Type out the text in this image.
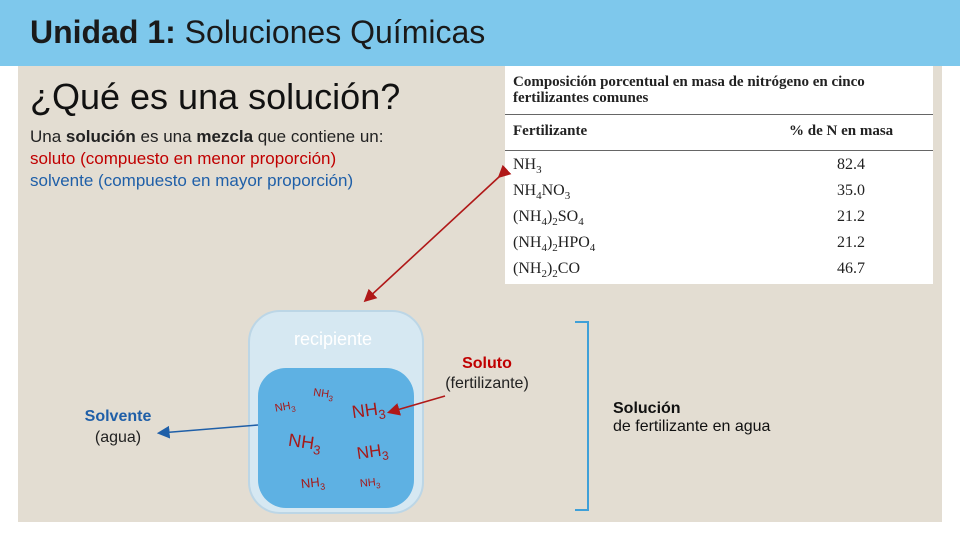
Unidad 1: Soluciones Químicas
¿Qué es una solución?
Una solución es una mezcla que contiene un:
soluto (compuesto en menor proporción)
solvente (compuesto en mayor proporción)
Composición porcentual en masa de nitrógeno en cinco fertilizantes comunes
Fertilizante	% de N en masa
$NH_3$	82.4
$NH_4NO_3$	35.0
$(NH_4)_2SO_4$	21.2
$(NH_4)_2HPO_4$	21.2
$(NH_2)_2CO$	46.7
recipiente
$NH_3$
$NH_3$
$NH_3$
$NH_3$ $NH_3$
$NH_3$	$NH_3$
Soluto
(fertilizante)
Solvente
(agua)
Solución
de fertilizante en agua
